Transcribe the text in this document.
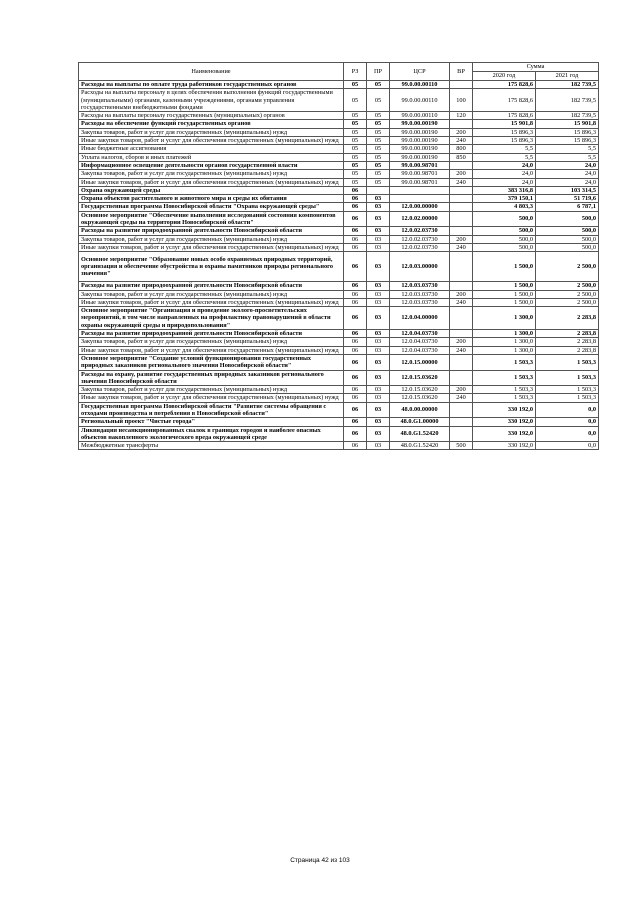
Наименование	РЗ	ПР	ЦСР	ВР	Сумма	
					2020 год	2021 год
Расходы на выплаты по оплате труда работников государственных органов	05	05	99.0.00.00110		175 828,6	182 739,5
Расходы на выплаты персоналу в целях обеспечения выполнения функций государственными (муниципальными) органами, казенными учреждениями, органами управления государственными внебюджетными фондами	05	05	99.0.00.00110	100	175 828,6	182 739,5
Расходы на выплаты персоналу государственных (муниципальных) органов	05	05	99.0.00.00110	120	175 828,6	182 739,5
Расходы на обеспечение функций государственных органов	05	05	99.0.00.00190		15 901,8	15 901,8
Закупка товаров, работ и услуг для государственных (муниципальных) нужд	05	05	99.0.00.00190	200	15 896,3	15 896,3
Иные закупки товаров, работ и услуг для обеспечения государственных (муниципальных) нужд	05	05	99.0.00.00190	240	15 896,3	15 896,3
Иные бюджетные ассигнования	05	05	99.0.00.00190	800	5,5	5,5
Уплата налогов, сборов и иных платежей	05	05	99.0.00.00190	850	5,5	5,5
Информационное освещение деятельности органов государственной власти	05	05	99.0.00.98701		24,0	24,0
Закупка товаров, работ и услуг для государственных (муниципальных) нужд	05	05	99.0.00.98701	200	24,0	24,0
Иные закупки товаров, работ и услуг для обеспечения государственных (муниципальных) нужд	05	05	99.0.00.98701	240	24,0	24,0
Охрана окружающей среды	06				383 316,8	103 314,5
Охрана объектов растительного и животного мира и среды их обитания	06	03			379 150,1	51 719,6
Государственная программа Новосибирской области "Охрана окружающей среды"	06	03	12.0.00.00000		4 803,3	6 787,1
Основное мероприятие "Обеспечение выполнения исследований состояния компонентов окружающей среды на территории Новосибирской области"	06	03	12.0.02.00000		500,0	500,0
Расходы на развитие природоохранной деятельности Новосибирской области	06	03	12.0.02.03730		500,0	500,0
Закупка товаров, работ и услуг для государственных (муниципальных) нужд	06	03	12.0.02.03730	200	500,0	500,0
Иные закупки товаров, работ и услуг для обеспечения государственных (муниципальных) нужд	06	03	12.0.02.03730	240	500,0	500,0
Основное мероприятие "Образование новых особо охраняемых природных территорий, организация и обеспечение обустройства и охраны памятников природы регионального значения"	06	03	12.0.03.00000		1 500,0	2 500,0
Расходы на развитие природоохранной деятельности Новосибирской области	06	03	12.0.03.03730		1 500,0	2 500,0
Закупка товаров, работ и услуг для государственных (муниципальных) нужд	06	03	12.0.03.03730	200	1 500,0	2 500,0
Иные закупки товаров, работ и услуг для обеспечения государственных (муниципальных) нужд	06	03	12.0.03.03730	240	1 500,0	2 500,0
Основное мероприятие "Организация и проведение эколого-просветительских мероприятий, в том числе направленных на профилактику правонарушений в области охраны окружающей среды и природопользования"	06	03	12.0.04.00000		1 300,0	2 283,8
Расходы на развитие природоохранной деятельности Новосибирской области	06	03	12.0.04.03730		1 300,0	2 283,8
Закупка товаров, работ и услуг для государственных (муниципальных) нужд	06	03	12.0.04.03730	200	1 300,0	2 283,8
Иные закупки товаров, работ и услуг для обеспечения государственных (муниципальных) нужд	06	03	12.0.04.03730	240	1 300,0	2 283,8
Основное мероприятие "Создание условий функционирования государственных природных заказников регионального значения Новосибирской области"	06	03	12.0.15.00000		1 503,3	1 503,3
Расходы на охрану, развитие государственных природных заказников регионального значения Новосибирской области	06	03	12.0.15.03620		1 503,3	1 503,3
Закупка товаров, работ и услуг для государственных (муниципальных) нужд	06	03	12.0.15.03620	200	1 503,3	1 503,3
Иные закупки товаров, работ и услуг для обеспечения государственных (муниципальных) нужд	06	03	12.0.15.03620	240	1 503,3	1 503,3
Государственная программа Новосибирской области "Развитие системы обращения с отходами производства и потребления в Новосибирской области"	06	03	48.0.00.00000		330 192,0	0,0
Региональный проект "Чистые города"	06	03	48.0.G1.00000		330 192,0	0,0
Ликвидация несанкционированных свалок в границах городов и наиболее опасных объектов накопленного экологического вреда окружающей среде	06	03	48.0.G1.52420		330 192,0	0,0
Межбюджетные трансферты	06	03	48.0.G1.52420	500	330 192,0	0,0
Страница 42 из 103
